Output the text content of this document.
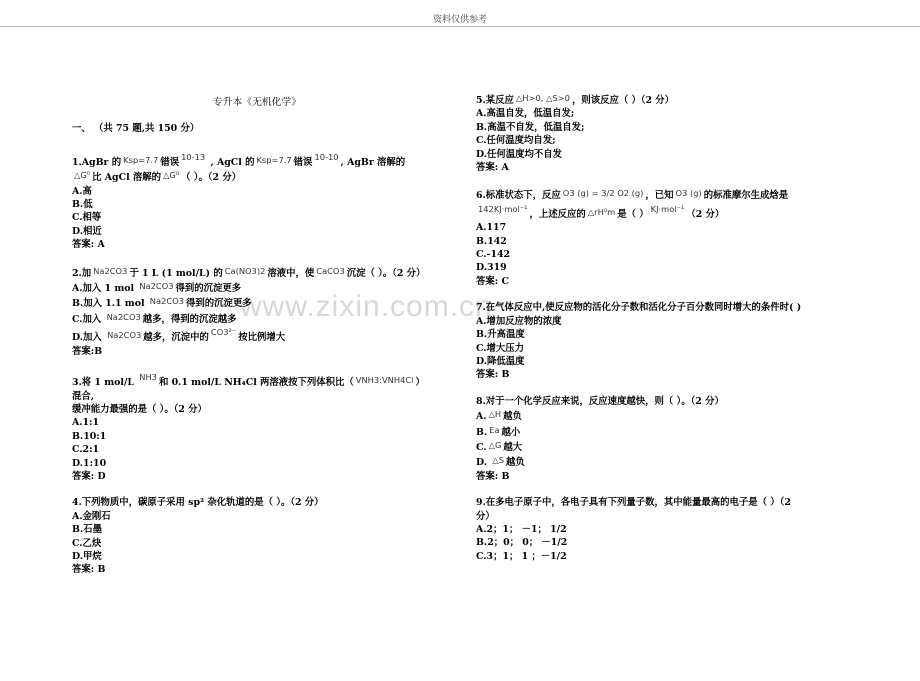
资料仅供参考
www.zixin.com.cn
专升本《无机化学》
一、 （共 75 题,共 150 分）
1.AgBr 的 Ksp=7.7 错误 10-13 , AgCl 的 Ksp=7.7 错误 10-10 , AgBr 溶解的
△G⁰ 比 AgCl 溶解的 △G⁰ （ ）。（2 分）
A.高
B.低
C.相等
D.相近
答案: A
2.加 Na2CO3 于 1 L (1 mol/L) 的 Ca(NO3)2 溶液中，使 CaCO3 沉淀（ ）。（2 分）
A.加入 1 mol Na2CO3 得到的沉淀更多
B.加入 1.1 mol Na2CO3 得到的沉淀更多
C.加入 Na2CO3 越多，得到的沉淀越多
D.加入 Na2CO3 越多，沉淀中的 CO3²⁻ 按比例增大
答案:B
3.将 1 mol/L NH3 和 0.1 mol/L NH₄Cl 两溶液按下列体积比（ VNH3:VNH4Cl ）混合,
缓冲能力最强的是（ ）。（2 分）
A.1:1
B.10:1
C.2:1
D.1:10
答案: D
4.下列物质中，碳原子采用 sp² 杂化轨道的是（ ）。（2 分）
A.金刚石
B.石墨
C.乙炔
D.甲烷
答案: B
5.某反应 △H>0, △S>0 ，则该反应（ ）（2 分）
A.高温自发，低温自发;
B.高温不自发，低温自发;
C.任何温度均自发;
D.任何温度均不自发
答案: A
6.标准状态下，反应 O3 (g) = 3/2 O2 (g) ，已知 O3 (g) 的标准摩尔生成焓是
142KJ·mol⁻¹ ，上述反应的 △rH⁰m 是（ ） KJ·mol⁻¹ （2 分）
A.117
B.142
C.-142
D.319
答案: C
7.在气体反应中,使反应物的活化分子数和活化分子百分数同时增大的条件时( )
A.增加反应物的浓度
B.升高温度
C.增大压力
D.降低温度
答案: B
8.对于一个化学反应来说，反应速度越快，则（ ）。（2 分）
A. △H 越负
B. Ea 越小
C. △G 越大
D. △S 越负
答案: B
9.在多电子原子中，各电子具有下列量子数，其中能量最高的电子是（ ）（2
分）
A.2；1； －1； 1/2
B.2；0； 0； －1/2
C.3；1； 1 ；－1/2
